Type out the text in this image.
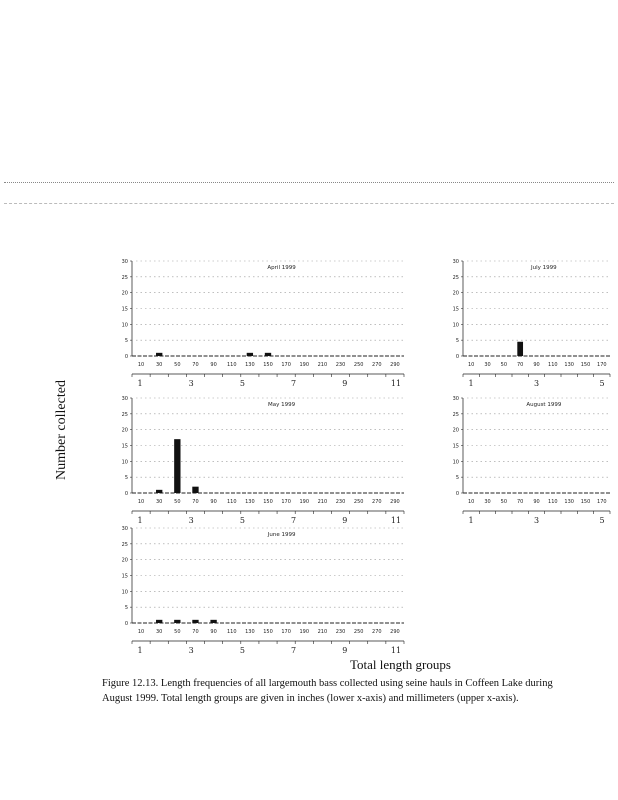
0
5
10
15
20
25
30
April 1999
10 30 50 70 90 110 130 150 170 190 210 230 250 270 290
1	3	5	7	9	11
0
5
10
15
20
25
30
July 1999
10 30 50 70 90 110 130 150 170
1	3	5
0
5
10
15
20
25
30
May 1999
10 30 50 70 90 110 130 150 170 190 210 230 250 270 290
1	3	5	7	9	11
0
5
10
15
20
25
30
August 1999
10 30 50 70 90 110 130 150 170
1	3	5
0
5
10
15
20
25
30
June 1999
10 30 50 70 90 110 130 150 170 190 210 230 250 270 290
1	3	5	7	9	11
Number collected
Total length groups
Figure 12.13. Length frequencies of all largemouth bass collected using seine hauls in Coffeen Lake during
August 1999. Total length groups are given in inches (lower x-axis) and millimeters (upper x-axis).
